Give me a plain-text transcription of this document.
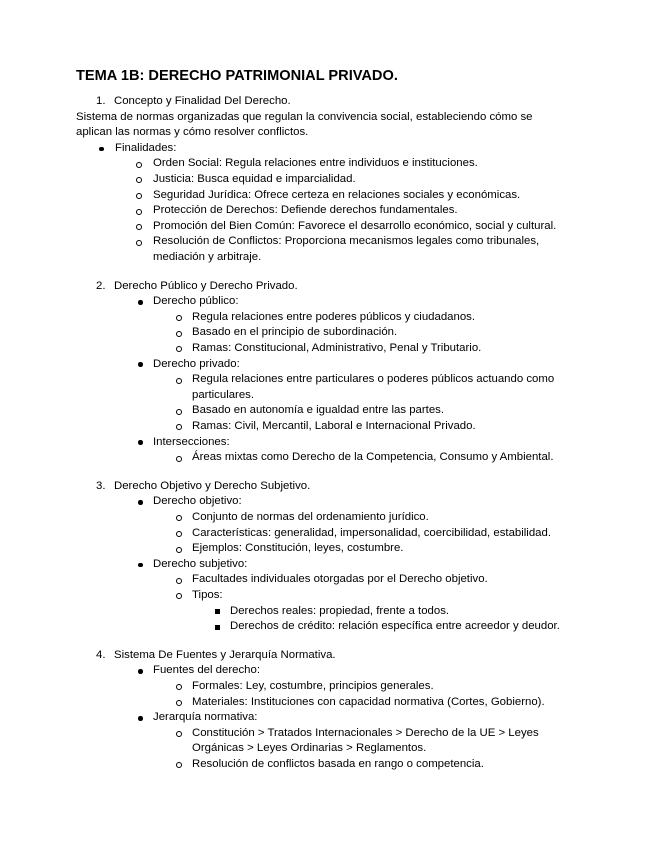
TEMA 1B: DERECHO PATRIMONIAL PRIVADO.
1. Concepto y Finalidad Del Derecho.
Sistema de normas organizadas que regulan la convivencia social, estableciendo cómo se
aplican las normas y cómo resolver conflictos.
Finalidades:
Orden Social: Regula relaciones entre individuos e instituciones.
Justicia: Busca equidad e imparcialidad.
Seguridad Jurídica: Ofrece certeza en relaciones sociales y económicas.
Protección de Derechos: Defiende derechos fundamentales.
Promoción del Bien Común: Favorece el desarrollo económico, social y cultural.
Resolución de Conflictos: Proporciona mecanismos legales como tribunales,
mediación y arbitraje.
2. Derecho Público y Derecho Privado.
Derecho público:
Regula relaciones entre poderes públicos y ciudadanos.
Basado en el principio de subordinación.
Ramas: Constitucional, Administrativo, Penal y Tributario.
Derecho privado:
Regula relaciones entre particulares o poderes públicos actuando como
particulares.
Basado en autonomía e igualdad entre las partes.
Ramas: Civil, Mercantil, Laboral e Internacional Privado.
Intersecciones:
Áreas mixtas como Derecho de la Competencia, Consumo y Ambiental.
3. Derecho Objetivo y Derecho Subjetivo.
Derecho objetivo:
Conjunto de normas del ordenamiento jurídico.
Características: generalidad, impersonalidad, coercibilidad, estabilidad.
Ejemplos: Constitución, leyes, costumbre.
Derecho subjetivo:
Facultades individuales otorgadas por el Derecho objetivo.
Tipos:
Derechos reales: propiedad, frente a todos.
Derechos de crédito: relación específica entre acreedor y deudor.
4. Sistema De Fuentes y Jerarquía Normativa.
Fuentes del derecho:
Formales: Ley, costumbre, principios generales.
Materiales: Instituciones con capacidad normativa (Cortes, Gobierno).
Jerarquía normativa:
Constitución > Tratados Internacionales > Derecho de la UE > Leyes
Orgánicas > Leyes Ordinarias > Reglamentos.
Resolución de conflictos basada en rango o competencia.
